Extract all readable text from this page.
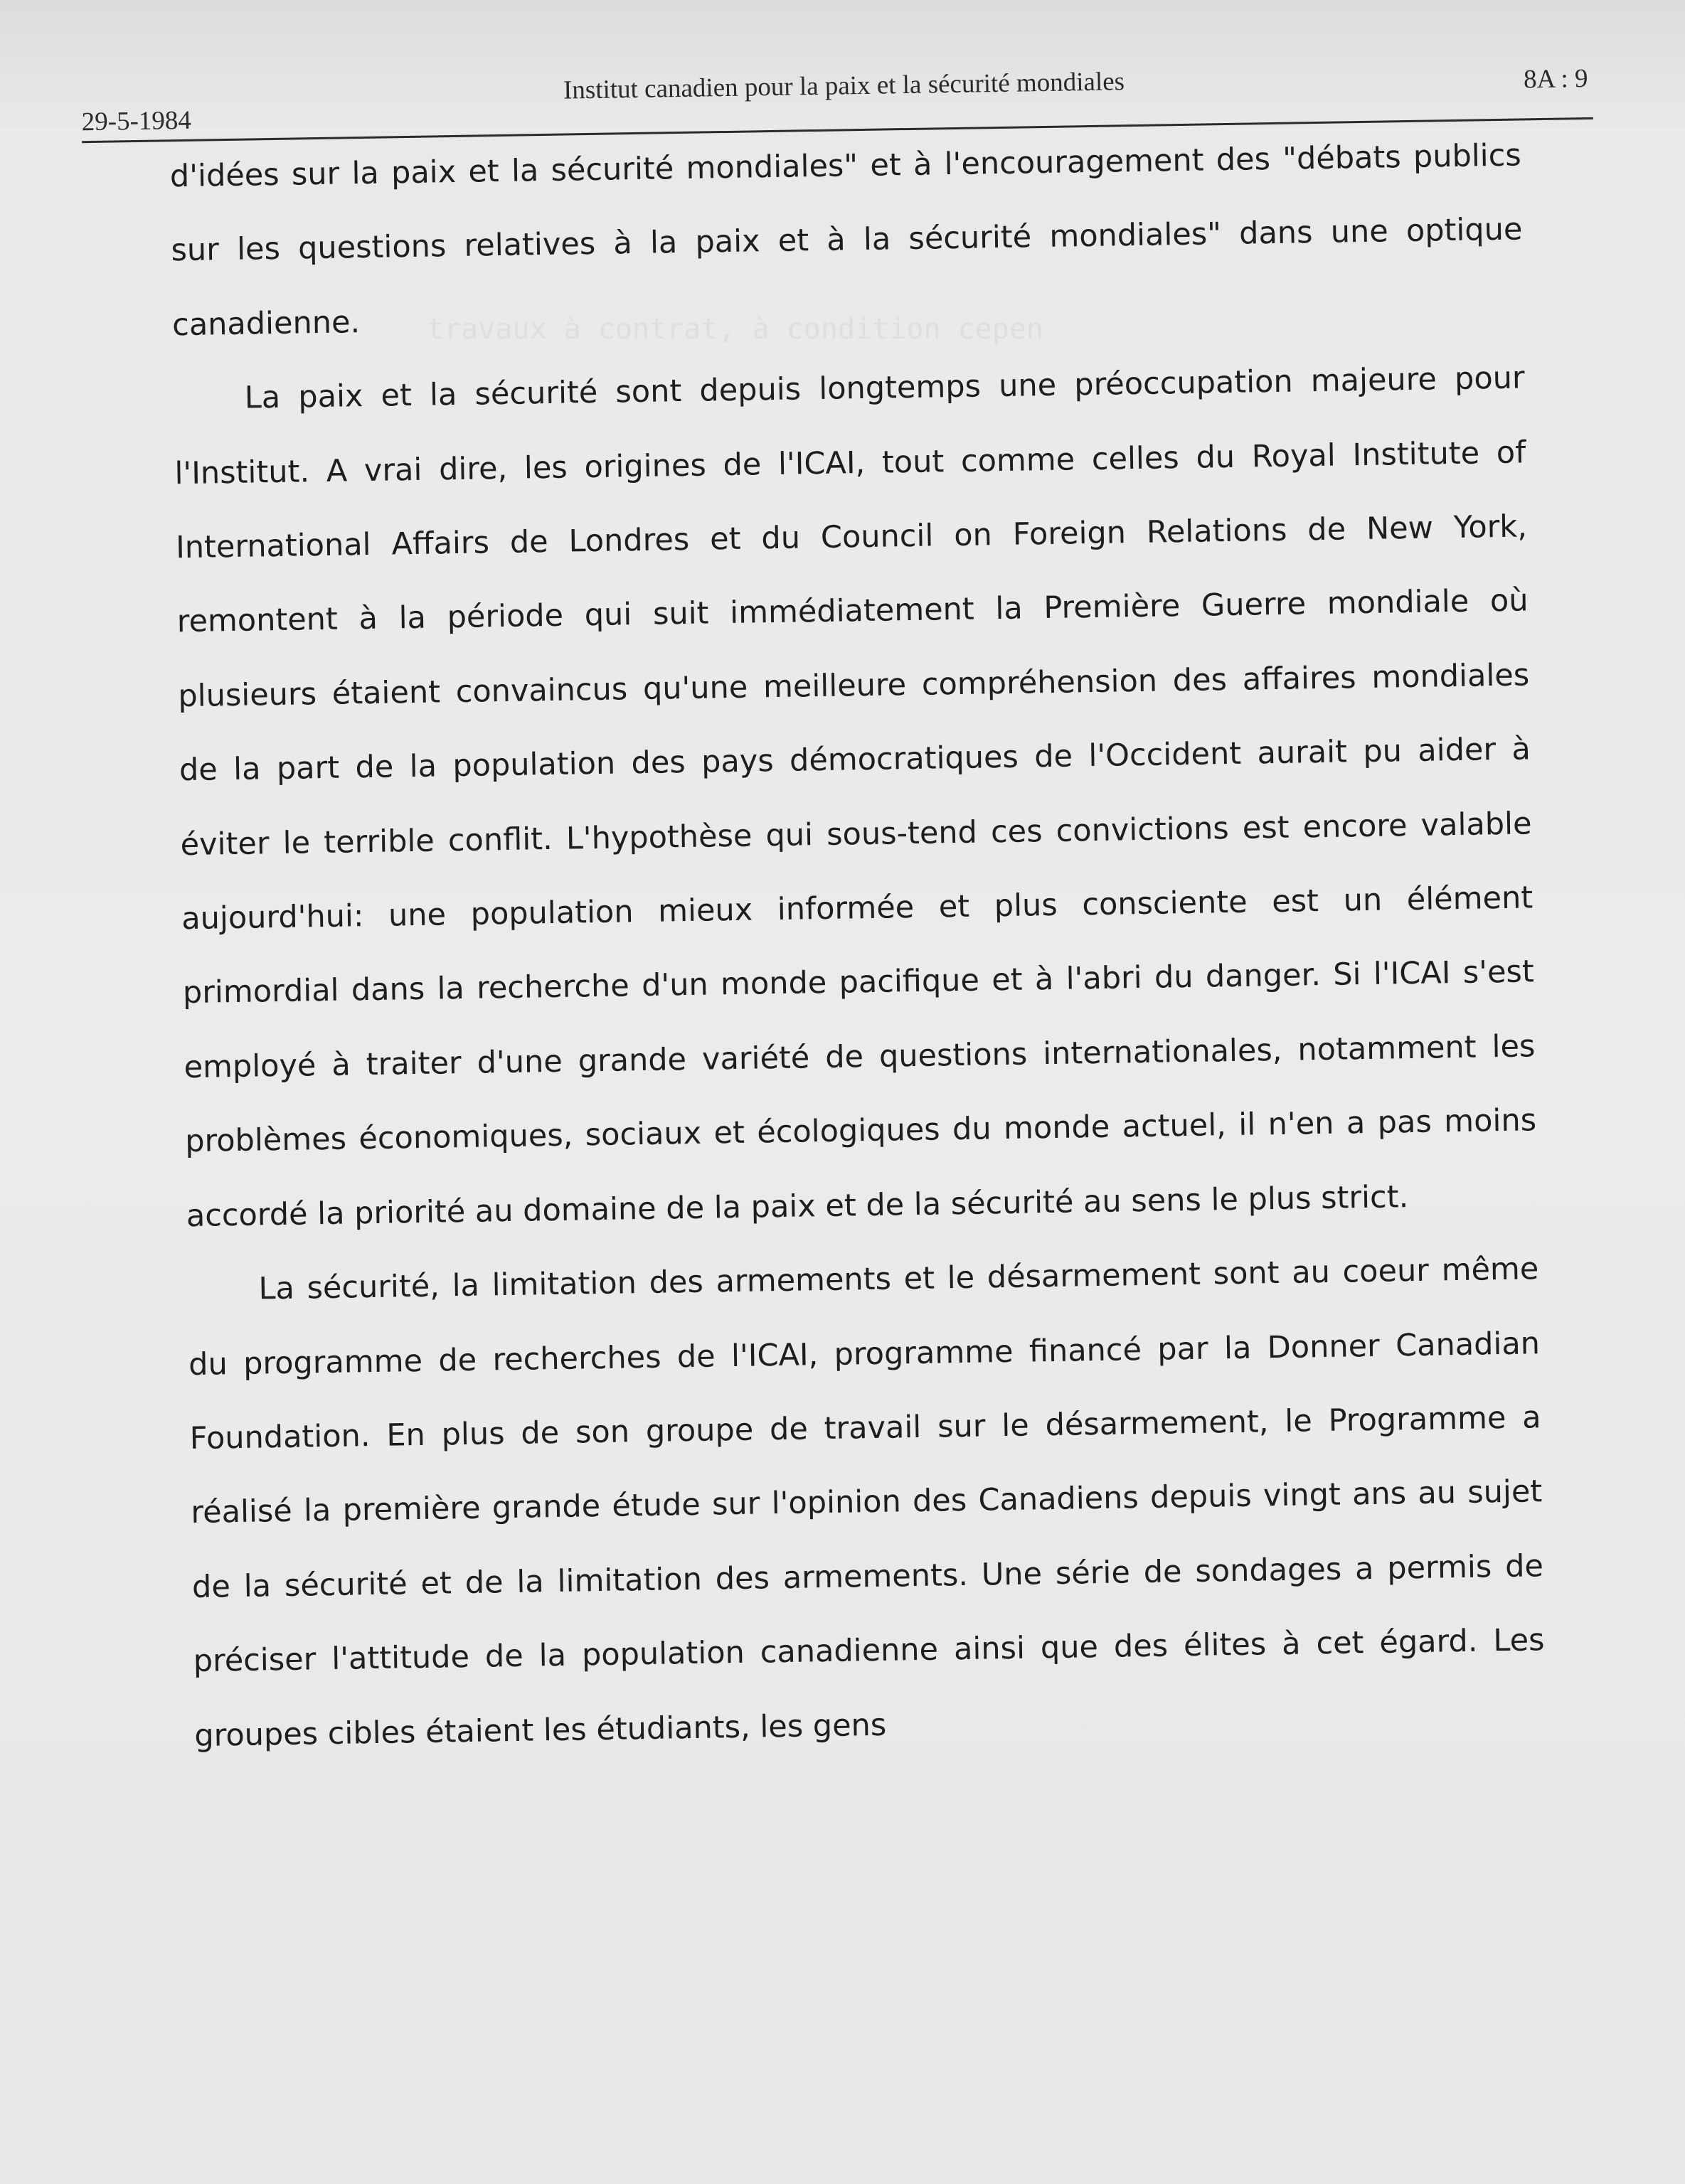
29-5-1984
Institut canadien pour la paix et la sécurité mondiales	8A : 9

d'idées sur la paix et la sécurité mondiales" et à l'encouragement des "débats publics sur les questions relatives à la paix et à la sécurité mondiales" dans une optique canadienne.

La paix et la sécurité sont depuis longtemps une préoccupation majeure pour l'Institut. A vrai dire, les origines de l'ICAI, tout comme celles du Royal Institute of International Affairs de Londres et du Council on Foreign Relations de New York, remontent à la période qui suit immédiatement la Première Guerre mondiale où plusieurs étaient convaincus qu'une meilleure compréhension des affaires mondiales de la part de la population des pays démocratiques de l'Occident aurait pu aider à éviter le terrible conflit. L'hypothèse qui sous-tend ces convictions est encore valable aujourd'hui: une population mieux informée et plus consciente est un élément primordial dans la recherche d'un monde pacifique et à l'abri du danger. Si l'ICAI s'est employé à traiter d'une grande variété de questions internationales, notamment les problèmes économiques, sociaux et écologiques du monde actuel, il n'en a pas moins accordé la priorité au domaine de la paix et de la sécurité au sens le plus strict.

La sécurité, la limitation des armements et le désarmement sont au coeur même du programme de recherches de l'ICAI, programme financé par la Donner Canadian Foundation. En plus de son groupe de travail sur le désarmement, le Programme a réalisé la première grande étude sur l'opinion des Canadiens depuis vingt ans au sujet de la sécurité et de la limitation des armements. Une série de sondages a permis de préciser l'attitude de la population canadienne ainsi que des élites à cet égard. Les groupes cibles étaient les étudiants, les gens
